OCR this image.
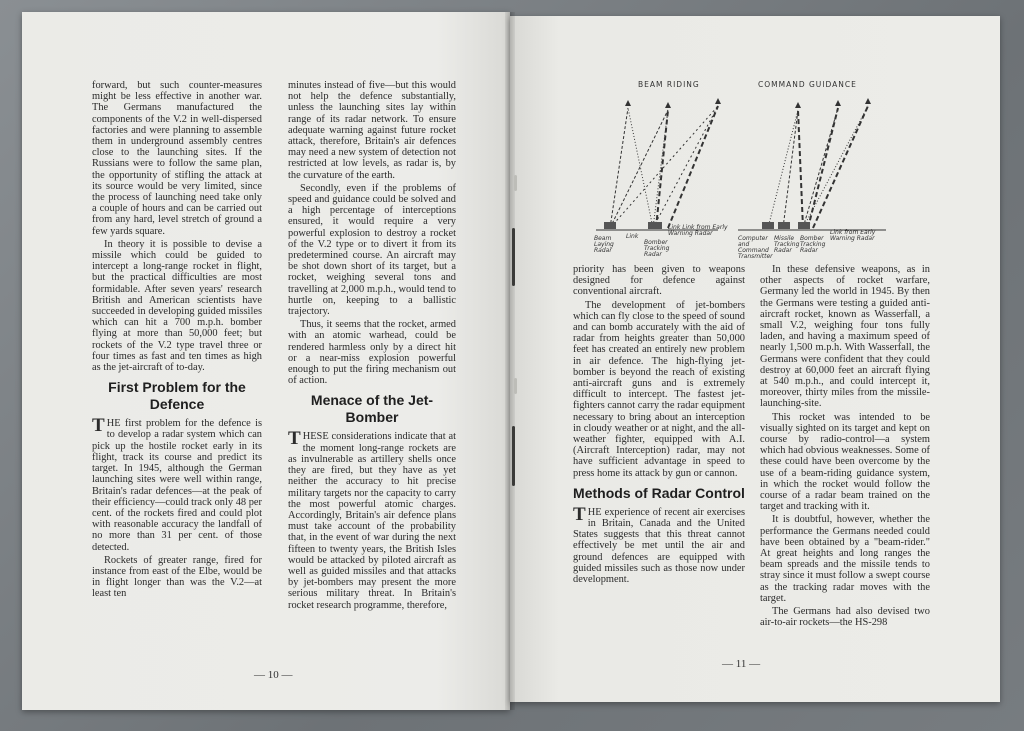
forward, but such counter-measures might be less effective in another war. The Germans manufactured the components of the V.2 in well-dispersed factories and were planning to assemble them in underground assembly centres close to the launching sites. If the Russians were to follow the same plan, the opportunity of stifling the attack at its source would be very limited, since the process of launching need take only a couple of hours and can be carried out from any hard, level stretch of ground a few yards square.

In theory it is possible to devise a missile which could be guided to intercept a long-range rocket in flight, but the practical difficulties are most formidable. After seven years' research British and American scientists have succeeded in developing guided missiles which can hit a 700 m.p.h. bomber flying at more than 50,000 feet; but rockets of the V.2 type travel three or four times as fast and ten times as high as the jet-aircraft of to-day.

First Problem for the Defence

THE first problem for the defence is to develop a radar system which can pick up the hostile rocket early in its flight, track its course and predict its target. In 1945, although the German launching sites were well within range, Britain's radar defences—at the peak of their efficiency—could track only 48 per cent. of the rockets fired and could plot with reasonable accuracy the landfall of no more than 31 per cent. of those detected.

Rockets of greater range, fired for instance from east of the Elbe, would be in flight longer than was the V.2—at least ten

minutes instead of five—but this would not help the defence substantially, unless the launching sites lay within range of its radar network. To ensure adequate warning against future rocket attack, therefore, Britain's air defences may need a new system of detection not restricted at low levels, as radar is, by the curvature of the earth.

Secondly, even if the problems of speed and guidance could be solved and a high percentage of interceptions ensured, it would require a very powerful explosion to destroy a rocket of the V.2 type or to divert it from its predetermined course. An aircraft may be shot down short of its target, but a rocket, weighing several tons and travelling at 2,000 m.p.h., would tend to hurtle on, keeping to a ballistic trajectory.

Thus, it seems that the rocket, armed with an atomic warhead, could be rendered harmless only by a direct hit or a near-miss explosion powerful enough to put the firing mechanism out of action.

Menace of the Jet-Bomber

THESE considerations indicate that at the moment long-range rockets are as invulnerable as artillery shells once they are fired, but they have as yet neither the accuracy to hit precise military targets nor the capacity to carry the most powerful atomic charges. Accordingly, Britain's air defence plans must take account of the probability that, in the event of war during the next fifteen to twenty years, the British Isles would be attacked by piloted aircraft as well as guided missiles and that attacks by jet-bombers may present the more serious military threat. In Britain's rocket research programme, therefore,

— 10 —
BEAM RIDING	COMMAND GUIDANCE
Beam Laying Radar
Link
Bomber Tracking Radar
Link Link from Early Warning Radar
Computer and Command Transmitter
Missile Tracking Radar
Bomber Tracking Radar
Link from Early Warning Radar

priority has been given to weapons designed for defence against conventional aircraft.

The development of jet-bombers which can fly close to the speed of sound and can bomb accurately with the aid of radar from heights greater than 50,000 feet has created an entirely new problem in air defence. The high-flying jet-bomber is beyond the reach of existing anti-aircraft guns and is extremely difficult to intercept. The fastest jet-fighters cannot carry the radar equipment necessary to bring about an interception in cloudy weather or at night, and the all-weather fighter, equipped with A.I. (Aircraft Interception) radar, may not have sufficient advantage in speed to press home its attack by gun or cannon.

Methods of Radar Control

THE experience of recent air exercises in Britain, Canada and the United States suggests that this threat cannot effectively be met until the air and ground defences are equipped with guided missiles such as those now under development.

In these defensive weapons, as in other aspects of rocket warfare, Germany led the world in 1945. By then the Germans were testing a guided anti-aircraft rocket, known as Wasserfall, a small V.2, weighing four tons fully laden, and having a maximum speed of nearly 1,500 m.p.h. With Wasserfall, the Germans were confident that they could destroy at 60,000 feet an aircraft flying at 540 m.p.h., and could intercept it, moreover, thirty miles from the missile-launching-site.

This rocket was intended to be visually sighted on its target and kept on course by radio-control—a system which had obvious weaknesses. Some of these could have been overcome by the use of a beam-riding guidance system, in which the rocket would follow the course of a radar beam trained on the target and tracking with it.

It is doubtful, however, whether the performance the Germans needed could have been obtained by a "beam-rider." At great heights and long ranges the beam spreads and the missile tends to stray since it must follow a swept course as the tracking radar moves with the target.

The Germans had also devised two air-to-air rockets—the HS-298

— 11 —
